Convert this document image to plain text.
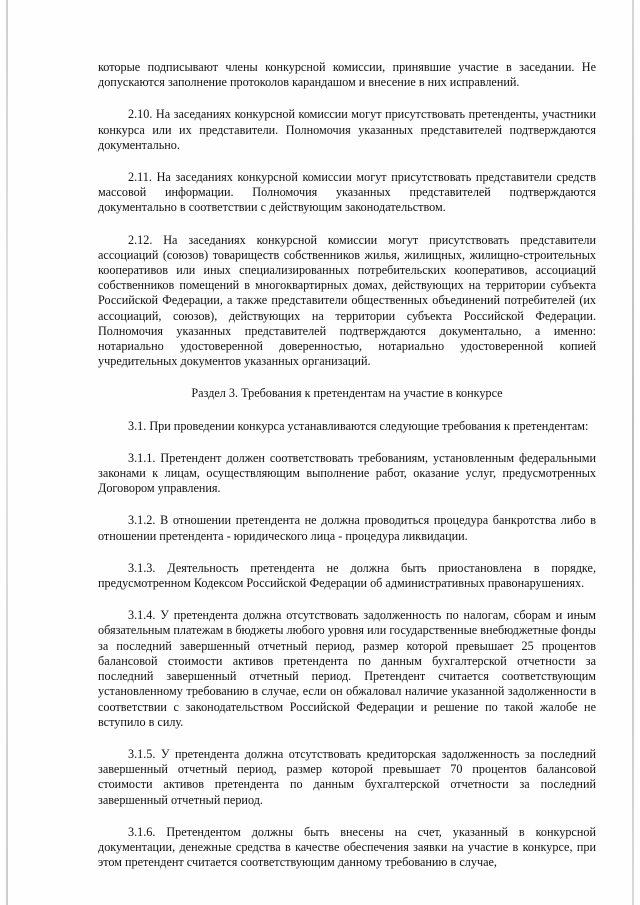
которые подписывают члены конкурсной комиссии, принявшие участие в заседании. Не допускаются заполнение протоколов карандашом и внесение в них исправлений.

2.10. На заседаниях конкурсной комиссии могут присутствовать претенденты, участники конкурса или их представители. Полномочия указанных представителей подтверждаются документально.

2.11. На заседаниях конкурсной комиссии могут присутствовать представители средств массовой информации. Полномочия указанных представителей подтверждаются документально в соответствии с действующим законодательством.

2.12. На заседаниях конкурсной комиссии могут присутствовать представители ассоциаций (союзов) товариществ собственников жилья, жилищных, жилищно-строительных кооперативов или иных специализированных потребительских кооперативов, ассоциаций собственников помещений в многоквартирных домах, действующих на территории субъекта Российской Федерации, а также представители общественных объединений потребителей (их ассоциаций, союзов), действующих на территории субъекта Российской Федерации. Полномочия указанных представителей подтверждаются документально, а именно: нотариально удостоверенной доверенностью, нотариально удостоверенной копией учредительных документов указанных организаций.

Раздел 3. Требования к претендентам на участие в конкурсе

3.1. При проведении конкурса устанавливаются следующие требования к претендентам:

3.1.1. Претендент должен соответствовать требованиям, установленным федеральными законами к лицам, осуществляющим выполнение работ, оказание услуг, предусмотренных Договором управления.

3.1.2. В отношении претендента не должна проводиться процедура банкротства либо в отношении претендента - юридического лица - процедура ликвидации.

3.1.3. Деятельность претендента не должна быть приостановлена в порядке, предусмотренном Кодексом Российской Федерации об административных правонарушениях.

3.1.4. У претендента должна отсутствовать задолженность по налогам, сборам и иным обязательным платежам в бюджеты любого уровня или государственные внебюджетные фонды за последний завершенный отчетный период, размер которой превышает 25 процентов балансовой стоимости активов претендента по данным бухгалтерской отчетности за последний завершенный отчетный период. Претендент считается соответствующим установленному требованию в случае, если он обжаловал наличие указанной задолженности в соответствии с законодательством Российской Федерации и решение по такой жалобе не вступило в силу.

3.1.5. У претендента должна отсутствовать кредиторская задолженность за последний завершенный отчетный период, размер которой превышает 70 процентов балансовой стоимости активов претендента по данным бухгалтерской отчетности за последний завершенный отчетный период.

3.1.6. Претендентом должны быть внесены на счет, указанный в конкурсной документации, денежные средства в качестве обеспечения заявки на участие в конкурсе, при этом претендент считается соответствующим данному требованию в случае,
